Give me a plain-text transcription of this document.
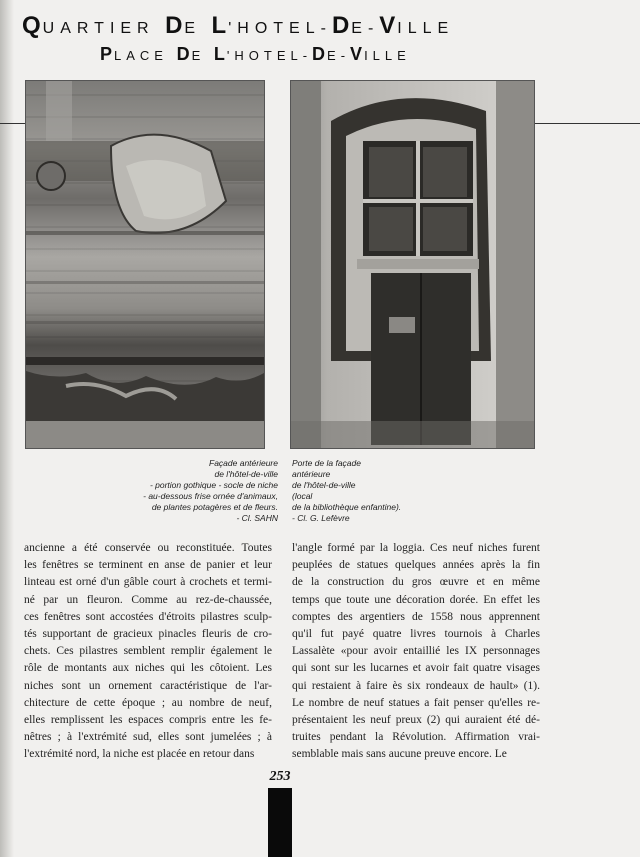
QUARTIER DE L'HOTEL-DE-VILLE
PLACE DE L'HOTEL-DE-VILLE
Façade antérieure
de l'hôtel-de-ville
- portion gothique - socle de niche
- au-dessous frise ornée d'animaux,
de plantes potagères et de fleurs.
- Cl. SAHN
Porte de la façade
antérieure
de l'hôtel-de-ville
(local
de la bibliothèque enfantine).
- Cl. G. Lefèvre
ancienne a été conservée ou reconstituée. Toutes
les fenêtres se terminent en anse de panier et leur
linteau est orné d'un gâble court à crochets et termi-
né par un fleuron. Comme au rez-de-chaussée,
ces fenêtres sont accostées d'étroits pilastres sculp-
tés supportant de gracieux pinacles fleuris de cro-
chets. Ces pilastres semblent remplir également le
rôle de montants aux niches qui les côtoient. Les
niches sont un ornement caractéristique de l'ar-
chitecture de cette époque ; au nombre de neuf,
elles remplissent les espaces compris entre les fe-
nêtres ; à l'extrémité sud, elles sont jumelées ; à
l'extrémité nord, la niche est placée en retour dans
l'angle formé par la loggia. Ces neuf niches furent
peuplées de statues quelques années après la fin
de la construction du gros œuvre et en même
temps que toute une décoration dorée. En effet les
comptes des argentiers de 1558 nous apprennent
qu'il fut payé quatre livres tournois à Charles
Lassalète «pour avoir entaillié les IX personnages
qui sont sur les lucarnes et avoir fait quatre visages
qui restaient à faire ès six rondeaux de hault» (1).
Le nombre de neuf statues a fait penser qu'elles re-
présentaient les neuf preux (2) qui auraient été dé-
truites pendant la Révolution. Affirmation vrai-
semblable mais sans aucune preuve encore. Le
253
